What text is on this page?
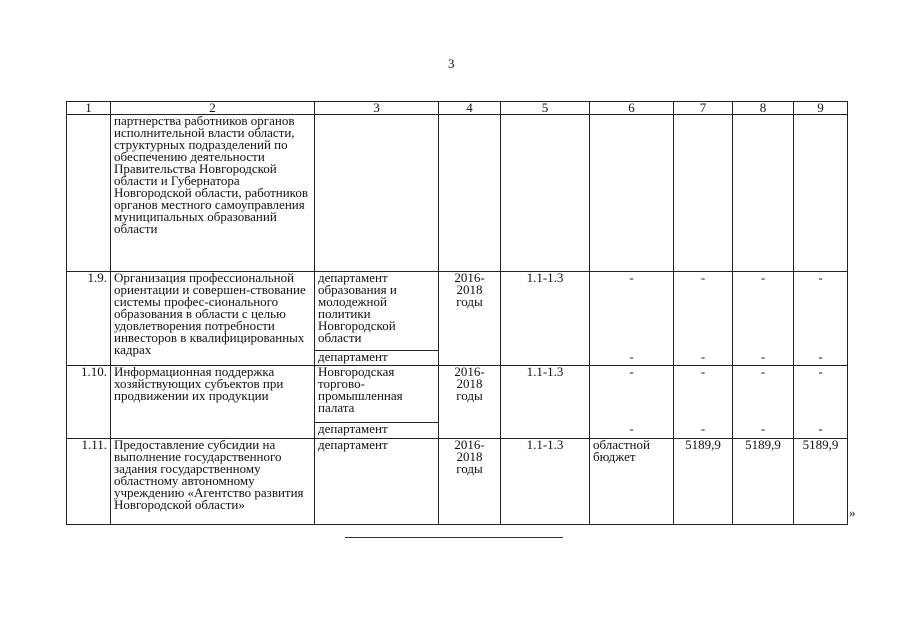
3
1	2	3	4	5	6	7	8	9
	партнерства работников органов исполнительной власти области, структурных подразделений по обеспечению деятельности Правительства Новгородской области и Губернатора Новгородской области, работников органов местного самоуправления муниципальных образований области							
1.9.	Организация профессиональной ориентации и совершен-ствование системы профес-сионального образования в области с целью удовлетворения потребности инвесторов в квалифицированных кадрах	департамент образования и молодежной политики Новгородской области	2016-2018 годы	1.1-1.3	-	-	-	-
		департамент			-	-	-	-
1.10.	Информационная поддержка хозяйствующих субъектов при продвижении их продукции	Новгородская торгово-промышленная палата	2016-2018 годы	1.1-1.3	-	-	-	-
		департамент			-	-	-	-
1.11.	Предоставление субсидии на выполнение государственного задания государственному областному автономному учреждению «Агентство развития Новгородской области»	департамент	2016-2018 годы	1.1-1.3	областной бюджет	5189,9	5189,9	5189,9
»
